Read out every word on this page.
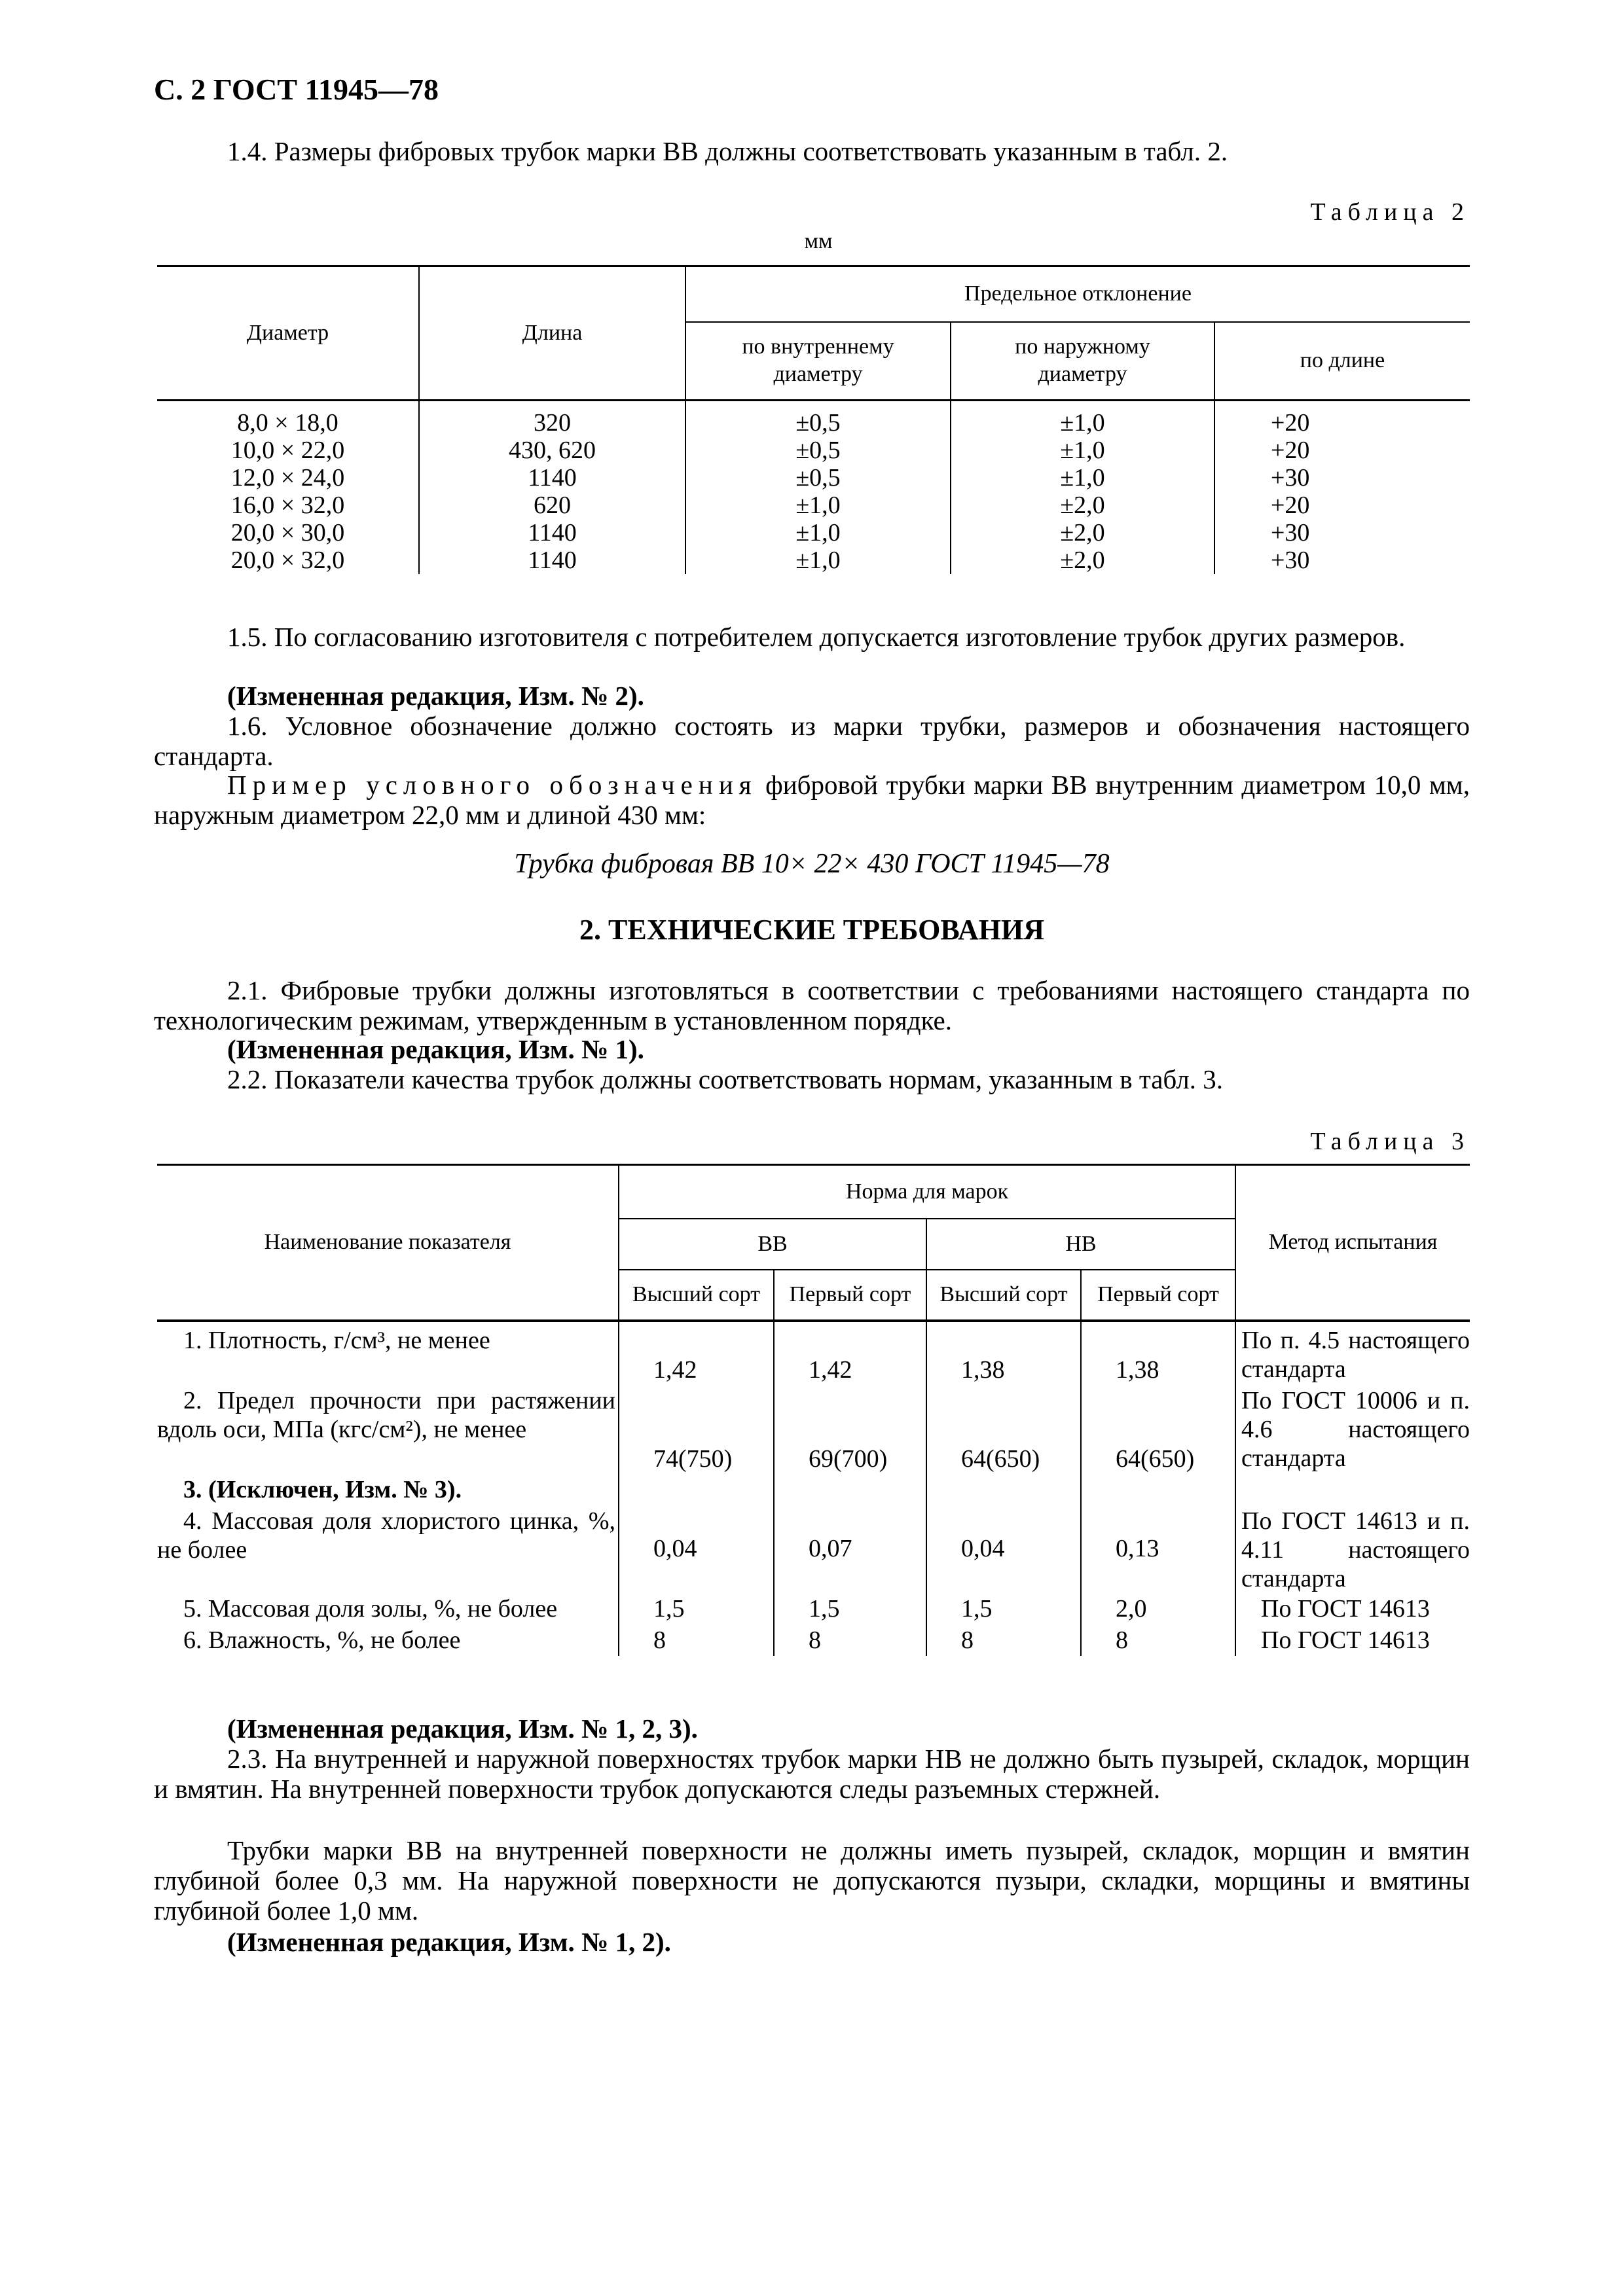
С. 2 ГОСТ 11945—78
1.4. Размеры фибровых трубок марки ВВ должны соответствовать указанным в табл. 2.
Таблица 2
мм
Диаметр	Длина	Предельное отклонение		
		по внутреннему диаметру	по наружному диаметру	по длине

8,0 × 18,0	320	±0,5	±1,0	+20
10,0 × 22,0	430, 620	±0,5	±1,0	+20
12,0 × 24,0	1140	±0,5	±1,0	+30
16,0 × 32,0	620	±1,0	±2,0	+20
20,0 × 30,0	1140	±1,0	±2,0	+30
20,0 × 32,0	1140	±1,0	±2,0	+30
1.5. По согласованию изготовителя с потребителем допускается изготовление трубок других размеров.
(Измененная редакция, Изм. № 2).
1.6. Условное обозначение должно состоять из марки трубки, размеров и обозначения настоящего стандарта.
Пример условного обозначения фибровой трубки марки ВВ внутренним диаметром 10,0 мм, наружным диаметром 22,0 мм и длиной 430 мм:
Трубка фибровая ВВ 10× 22× 430 ГОСТ 11945—78
2. ТЕХНИЧЕСКИЕ ТРЕБОВАНИЯ
2.1. Фибровые трубки должны изготовляться в соответствии с требованиями настоящего стандарта по технологическим режимам, утвержденным в установленном порядке.
(Измененная редакция, Изм. № 1).
2.2. Показатели качества трубок должны соответствовать нормам, указанным в табл. 3.
Таблица 3
Наименование показателя	Норма для марок				Метод испытания
	ВВ		НВ		
	Высший сорт	Первый сорт	Высший сорт	Первый сорт	
1. Плотность, г/см³, не менее	1,42	1,42	1,38	1,38	По п. 4.5 настоящего стандарта
2. Предел прочности при растяжении вдоль оси, МПа (кгс/см²), не менее	74(750)	69(700)	64(650)	64(650)	По ГОСТ 10006 и п. 4.6 настоящего стандарта
3. (Исключен, Изм. № 3).					
4. Массовая доля хлористого цинка, %, не более	0,04	0,07	0,04	0,13	По ГОСТ 14613 и п. 4.11 настоящего стандарта
5. Массовая доля золы, %, не более	1,5	1,5	1,5	2,0	По ГОСТ 14613
6. Влажность, %, не более	8	8	8	8	По ГОСТ 14613
(Измененная редакция, Изм. № 1, 2, 3).
2.3. На внутренней и наружной поверхностях трубок марки НВ не должно быть пузырей, складок, морщин и вмятин. На внутренней поверхности трубок допускаются следы разъемных стержней.
Трубки марки ВВ на внутренней поверхности не должны иметь пузырей, складок, морщин и вмятин глубиной более 0,3 мм. На наружной поверхности не допускаются пузыри, складки, морщины и вмятины глубиной более 1,0 мм.
(Измененная редакция, Изм. № 1, 2).
